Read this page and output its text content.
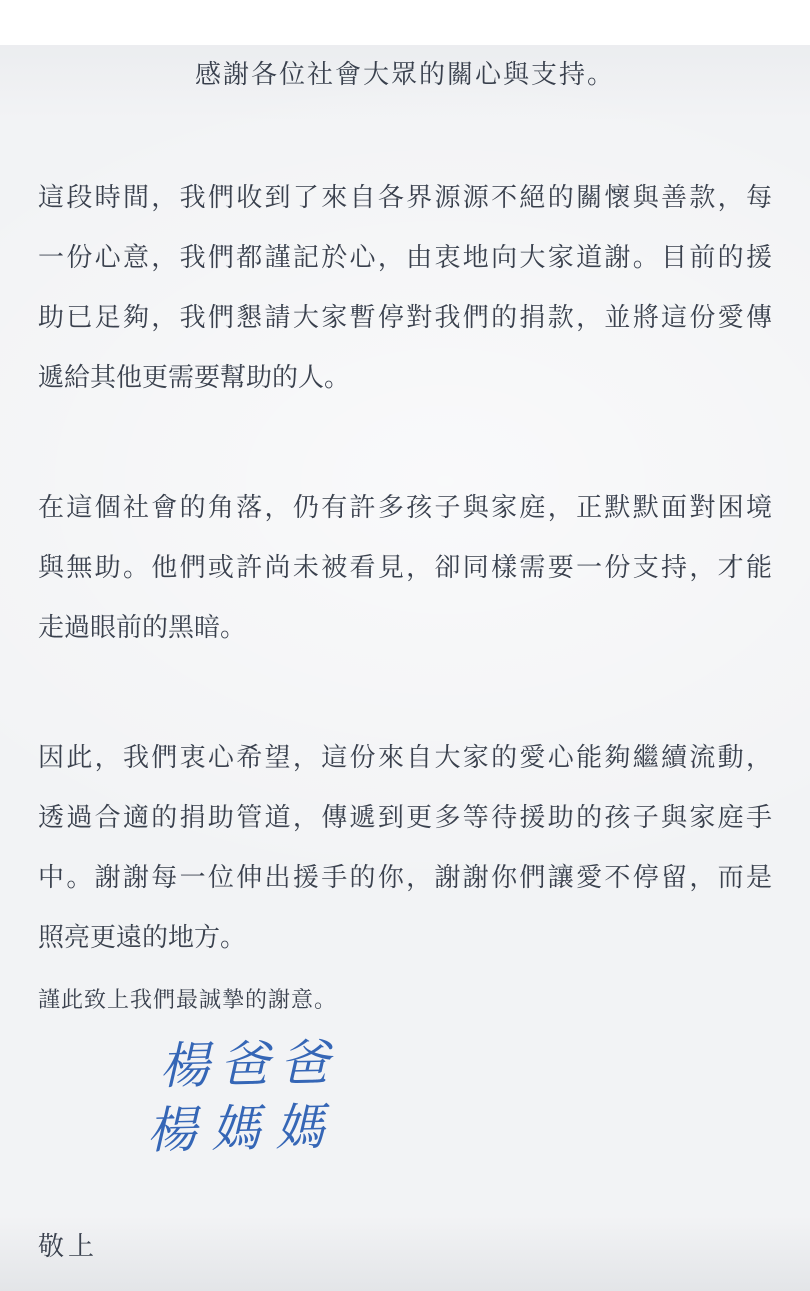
感謝各位社會大眾的關心與支持。
這段時間，我們收到了來自各界源源不絕的關懷與善款，每
一份心意，我們都謹記於心，由衷地向大家道謝。目前的援
助已足夠，我們懇請大家暫停對我們的捐款，並將這份愛傳
遞給其他更需要幫助的人。
在這個社會的角落，仍有許多孩子與家庭，正默默面對困境
與無助。他們或許尚未被看見，卻同樣需要一份支持，才能
走過眼前的黑暗。
因此，我們衷心希望，這份來自大家的愛心能夠繼續流動，
透過合適的捐助管道，傳遞到更多等待援助的孩子與家庭手
中。謝謝每一位伸出援手的你，謝謝你們讓愛不停留，而是
照亮更遠的地方。
謹此致上我們最誠摯的謝意。
楊爸爸
楊媽媽
敬上
